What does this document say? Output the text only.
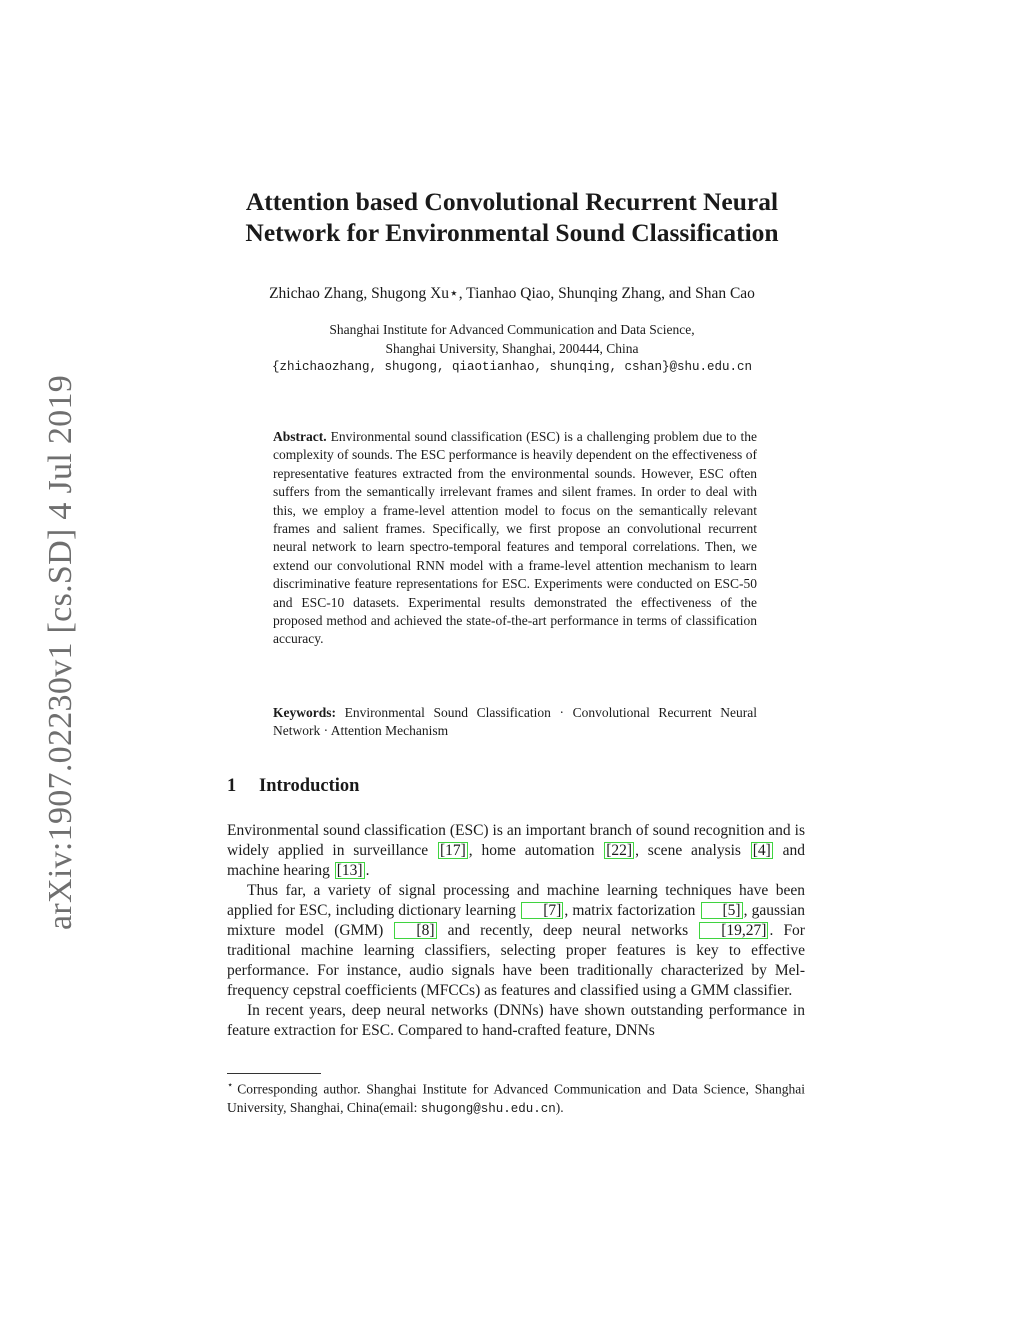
arXiv:1907.02230v1 [cs.SD] 4 Jul 2019
Attention based Convolutional Recurrent Neural
Network for Environmental Sound Classification
Zhichao Zhang, Shugong Xu⋆, Tianhao Qiao, Shunqing Zhang, and Shan Cao
Shanghai Institute for Advanced Communication and Data Science,
Shanghai University, Shanghai, 200444, China
{zhichaozhang, shugong, qiaotianhao, shunqing, cshan}@shu.edu.cn
Abstract. Environmental sound classification (ESC) is a challenging problem due to the complexity of sounds. The ESC performance is heavily dependent on the effectiveness of representative features extracted from the environmental sounds. However, ESC often suffers from the semantically irrelevant frames and silent frames. In order to deal with this, we employ a frame-level attention model to focus on the semantically relevant frames and salient frames. Specifically, we first propose an convolutional recurrent neural network to learn spectro-temporal features and temporal correlations. Then, we extend our convolutional RNN model with a frame-level attention mechanism to learn discriminative feature representations for ESC. Experiments were conducted on ESC-50 and ESC-10 datasets. Experimental results demonstrated the effectiveness of the proposed method and achieved the state-of-the-art performance in terms of classification accuracy.
Keywords: Environmental Sound Classification · Convolutional Recurrent Neural Network · Attention Mechanism
1 Introduction

Environmental sound classification (ESC) is an important branch of sound recognition and is widely applied in surveillance [17] , home automation [22] , scene analysis [4] and machine hearing [13] .

Thus far, a variety of signal processing and machine learning techniques have been applied for ESC, including dictionary learning [7] , matrix factorization [5] , gaussian mixture model (GMM) [8] and recently, deep neural networks [19,27] . For traditional machine learning classifiers, selecting proper features is key to effective performance. For instance, audio signals have been traditionally characterized by Mel-frequency cepstral coefficients (MFCCs) as features and classified using a GMM classifier.

In recent years, deep neural networks (DNNs) have shown outstanding performance in feature extraction for ESC. Compared to hand-crafted feature, DNNs

⋆ Corresponding author. Shanghai Institute for Advanced Communication and Data Science, Shanghai University, Shanghai, China(email: shugong@shu.edu.cn).
